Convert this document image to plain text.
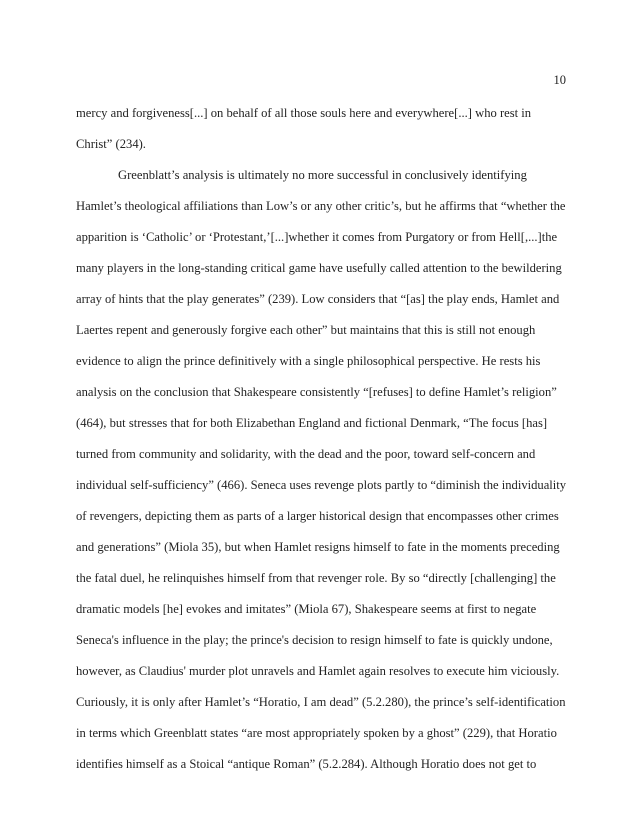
10
mercy and forgiveness[...] on behalf of all those souls here and everywhere[...] who rest in
Christ” (234).
Greenblatt’s analysis is ultimately no more successful in conclusively identifying
Hamlet’s theological affiliations than Low’s or any other critic’s, but he affirms that “whether the
apparition is ‘Catholic’ or ‘Protestant,’[...]whether it comes from Purgatory or from Hell[,...]the
many players in the long-standing critical game have usefully called attention to the bewildering
array of hints that the play generates” (239). Low considers that “[as] the play ends, Hamlet and
Laertes repent and generously forgive each other” but maintains that this is still not enough
evidence to align the prince definitively with a single philosophical perspective. He rests his
analysis on the conclusion that Shakespeare consistently “[refuses] to define Hamlet’s religion”
(464), but stresses that for both Elizabethan England and fictional Denmark, “The focus [has]
turned from community and solidarity, with the dead and the poor, toward self-concern and
individual self-sufficiency” (466). Seneca uses revenge plots partly to “diminish the individuality
of revengers, depicting them as parts of a larger historical design that encompasses other crimes
and generations” (Miola 35), but when Hamlet resigns himself to fate in the moments preceding
the fatal duel, he relinquishes himself from that revenger role. By so “directly [challenging] the
dramatic models [he] evokes and imitates” (Miola 67), Shakespeare seems at first to negate
Seneca's influence in the play; the prince's decision to resign himself to fate is quickly undone,
however, as Claudius' murder plot unravels and Hamlet again resolves to execute him viciously.
Curiously, it is only after Hamlet’s “Horatio, I am dead” (5.2.280), the prince’s self-identification
in terms which Greenblatt states “are most appropriately spoken by a ghost” (229), that Horatio
identifies himself as a Stoical “antique Roman” (5.2.284). Although Horatio does not get to
